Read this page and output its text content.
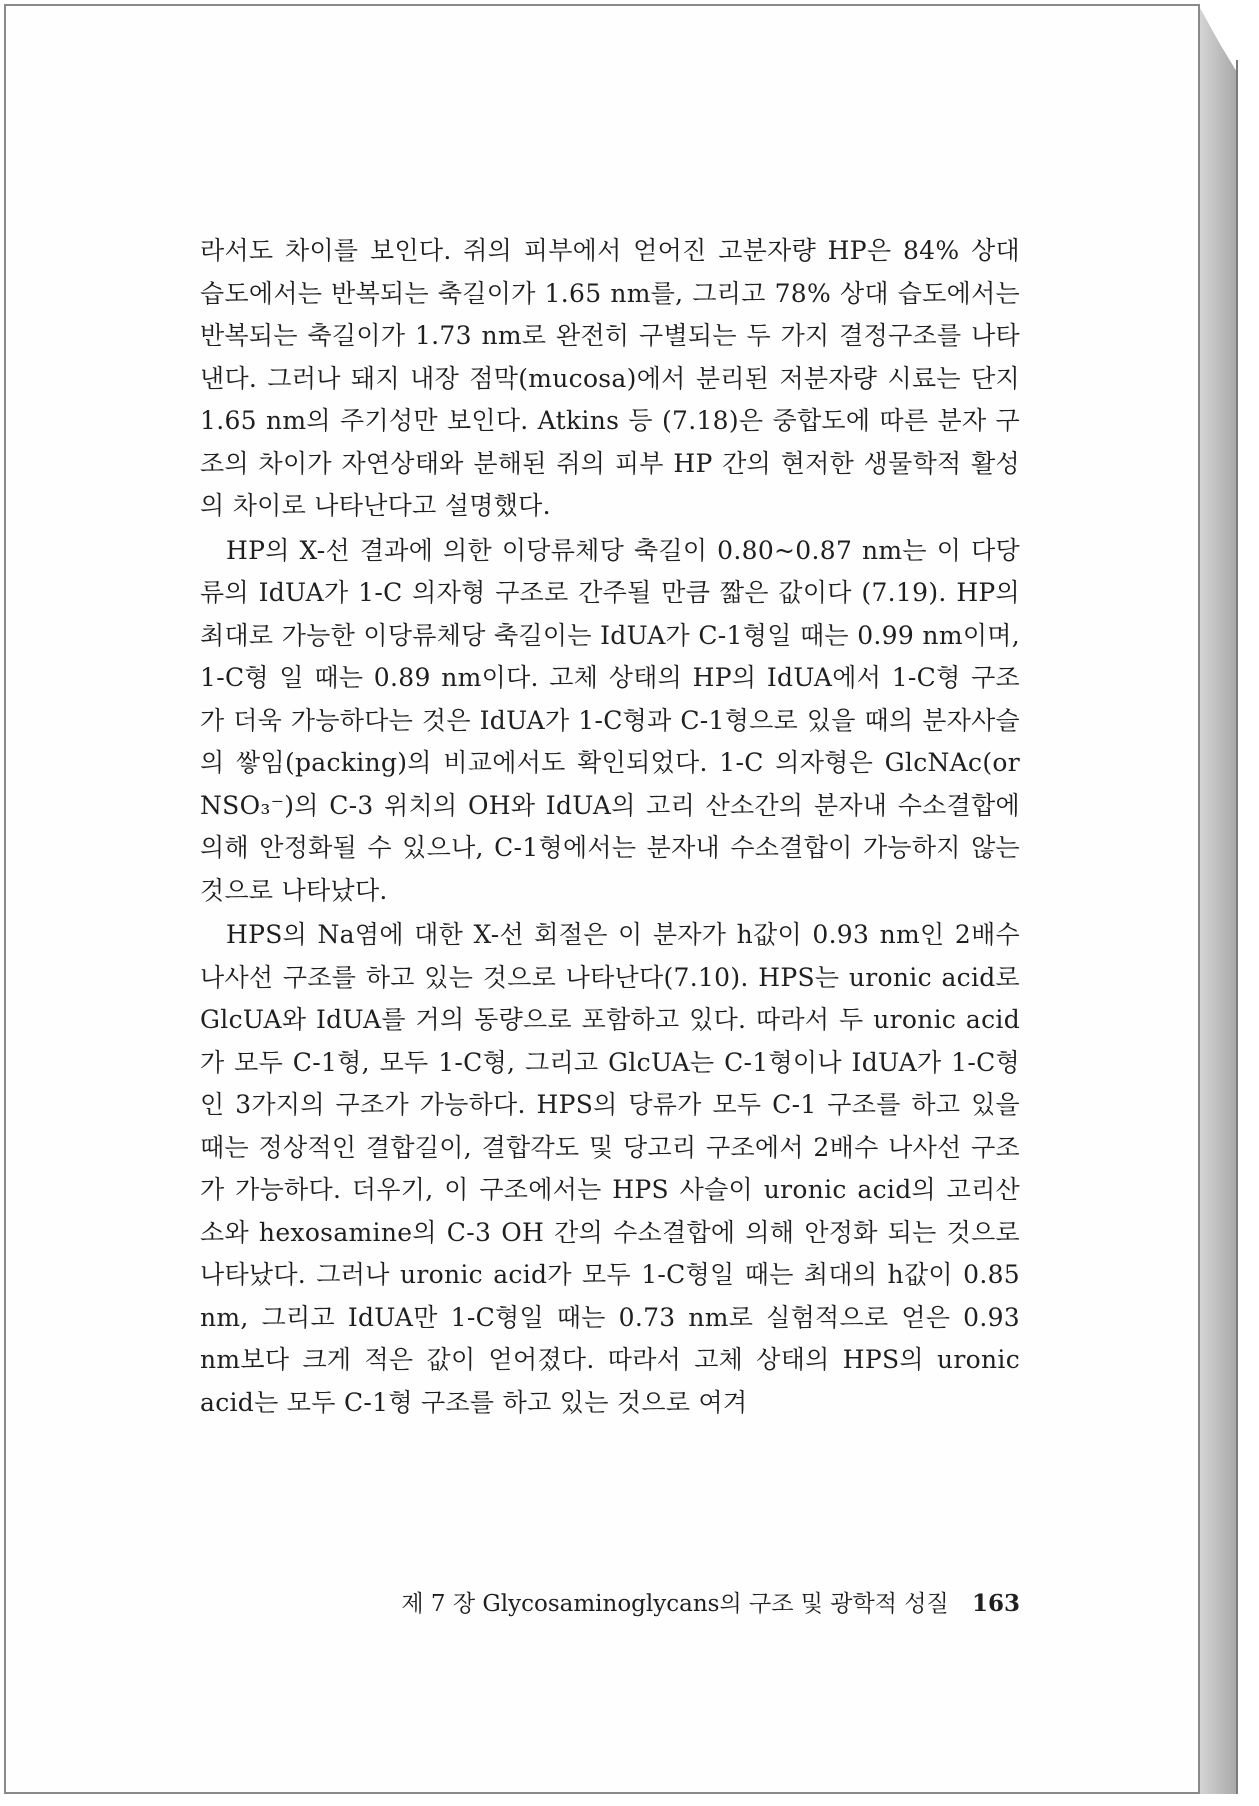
라서도 차이를 보인다. 쥐의 피부에서 얻어진 고분자량 HP은 84% 상대 습도에서는 반복되는 축길이가 1.65 nm를, 그리고 78% 상대 습도에서는 반복되는 축길이가 1.73 nm로 완전히 구별되는 두 가지 결정구조를 나타낸다. 그러나 돼지 내장 점막(mucosa)에서 분리된 저분자량 시료는 단지 1.65 nm의 주기성만 보인다. Atkins 등 (7.18)은 중합도에 따른 분자 구조의 차이가 자연상태와 분해된 쥐의 피부 HP 간의 현저한 생물학적 활성의 차이로 나타난다고 설명했다.

HP의 X-선 결과에 의한 이당류체당 축길이 0.80~0.87 nm는 이 다당류의 IdUA가 1-C 의자형 구조로 간주될 만큼 짧은 값이다 (7.19). HP의 최대로 가능한 이당류체당 축길이는 IdUA가 C-1형일 때는 0.99 nm이며, 1-C형 일 때는 0.89 nm이다. 고체 상태의 HP의 IdUA에서 1-C형 구조가 더욱 가능하다는 것은 IdUA가 1-C형과 C-1형으로 있을 때의 분자사슬의 쌓임(packing)의 비교에서도 확인되었다. 1-C 의자형은 GlcNAc(or NSO₃⁻)의 C-3 위치의 OH와 IdUA의 고리 산소간의 분자내 수소결합에 의해 안정화될 수 있으나, C-1형에서는 분자내 수소결합이 가능하지 않는 것으로 나타났다.

HPS의 Na염에 대한 X-선 회절은 이 분자가 h값이 0.93 nm인 2배수 나사선 구조를 하고 있는 것으로 나타난다(7.10). HPS는 uronic acid로 GlcUA와 IdUA를 거의 동량으로 포함하고 있다. 따라서 두 uronic acid가 모두 C-1형, 모두 1-C형, 그리고 GlcUA는 C-1형이나 IdUA가 1-C형인 3가지의 구조가 가능하다. HPS의 당류가 모두 C-1 구조를 하고 있을 때는 정상적인 결합길이, 결합각도 및 당고리 구조에서 2배수 나사선 구조가 가능하다. 더우기, 이 구조에서는 HPS 사슬이 uronic acid의 고리산소와 hexosamine의 C-3 OH 간의 수소결합에 의해 안정화 되는 것으로 나타났다. 그러나 uronic acid가 모두 1-C형일 때는 최대의 h값이 0.85 nm, 그리고 IdUA만 1-C형일 때는 0.73 nm로 실험적으로 얻은 0.93 nm보다 크게 적은 값이 얻어졌다. 따라서 고체 상태의 HPS의 uronic acid는 모두 C-1형 구조를 하고 있는 것으로 여겨

제 7 장 Glycosaminoglycans의 구조 및 광학적 성질 163
